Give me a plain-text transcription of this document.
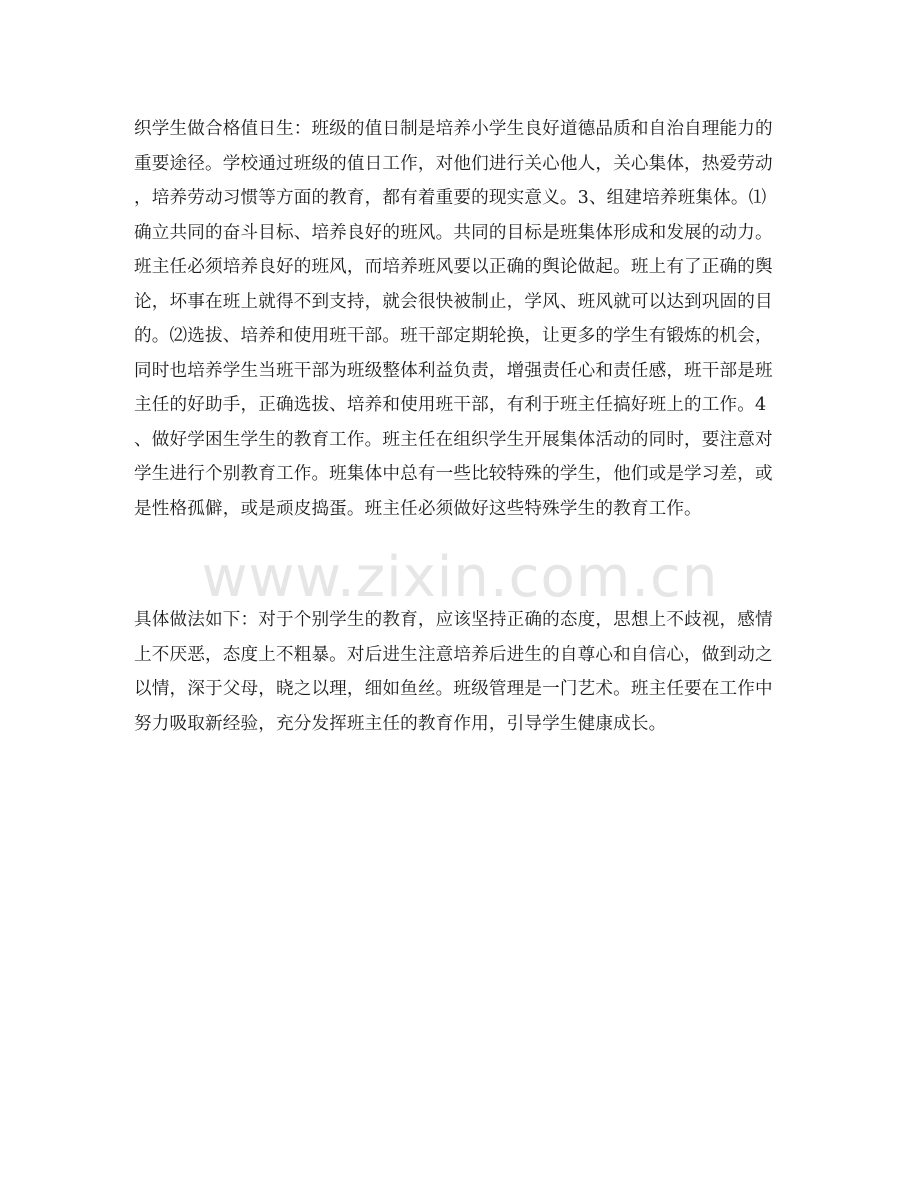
www.zixin.com.cn
织学生做合格值日生：班级的值日制是培养小学生良好道德品质和自治自理能力的
重要途径。学校通过班级的值日工作，对他们进行关心他人，关心集体，热爱劳动
，培养劳动习惯等方面的教育，都有着重要的现实意义。3、组建培养班集体。⑴
确立共同的奋斗目标、培养良好的班风。共同的目标是班集体形成和发展的动力。
班主任必须培养良好的班风，而培养班风要以正确的舆论做起。班上有了正确的舆
论，坏事在班上就得不到支持，就会很快被制止，学风、班风就可以达到巩固的目
的。⑵选拔、培养和使用班干部。班干部定期轮换，让更多的学生有锻炼的机会，
同时也培养学生当班干部为班级整体利益负责，增强责任心和责任感，班干部是班
主任的好助手，正确选拔、培养和使用班干部，有利于班主任搞好班上的工作。4
、做好学困生学生的教育工作。班主任在组织学生开展集体活动的同时，要注意对
学生进行个别教育工作。班集体中总有一些比较特殊的学生，他们或是学习差，或
是性格孤僻，或是顽皮捣蛋。班主任必须做好这些特殊学生的教育工作。
具体做法如下：对于个别学生的教育，应该坚持正确的态度，思想上不歧视，感情
上不厌恶，态度上不粗暴。对后进生注意培养后进生的自尊心和自信心，做到动之
以情，深于父母，晓之以理，细如鱼丝。班级管理是一门艺术。班主任要在工作中
努力吸取新经验，充分发挥班主任的教育作用，引导学生健康成长。
